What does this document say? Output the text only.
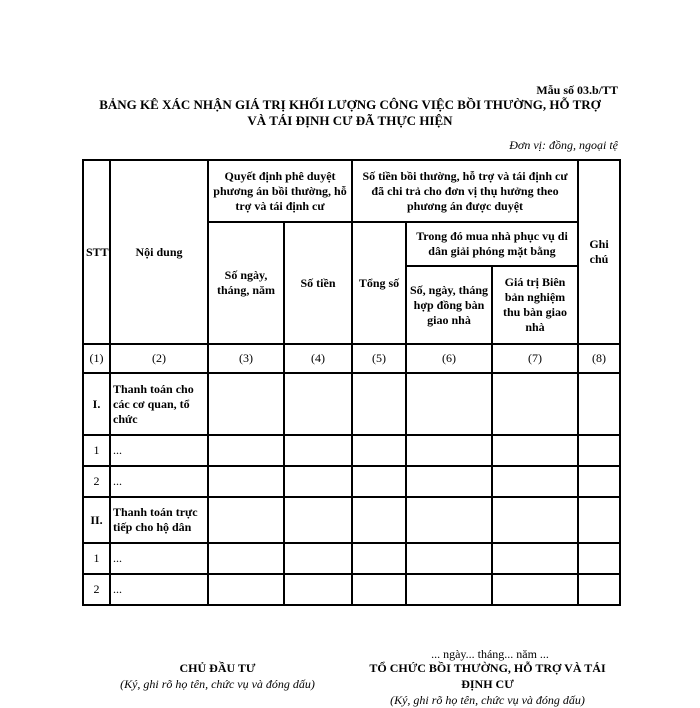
Mẫu số 03.b/TT
BẢNG KÊ XÁC NHẬN GIÁ TRỊ KHỐI LƯỢNG CÔNG VIỆC BỒI THƯỜNG, HỖ TRỢ
VÀ TÁI ĐỊNH CƯ ĐÃ THỰC HIỆN
Đơn vị: đồng, ngoại tệ
STT	Nội dung	Quyết định phê duyệt phương án bồi thường, hỗ trợ và tái định cư		Số tiền bồi thường, hỗ trợ và tái định cư đã chi trả cho đơn vị thụ hưởng theo phương án được duyệt			Ghi chú
		Số ngày, tháng, năm	Số tiền	Tổng số	Trong đó mua nhà phục vụ di dân giải phóng mặt bằng		
					Số, ngày, tháng hợp đồng bàn giao nhà	Giá trị Biên bản nghiệm thu bàn giao nhà	
(1)	(2)	(3)	(4)	(5)	(6)	(7)	(8)
I.	Thanh toán cho các cơ quan, tổ chức						
1	...						
2	...						
II.	Thanh toán trực tiếp cho hộ dân						
1	...						
2	...						
... ngày... tháng... năm ...
CHỦ ĐẦU TƯ
(Ký, ghi rõ họ tên, chức vụ và đóng dấu)
TỔ CHỨC BỒI THƯỜNG, HỖ TRỢ VÀ TÁI ĐỊNH CƯ
(Ký, ghi rõ họ tên, chức vụ và đóng dấu)
